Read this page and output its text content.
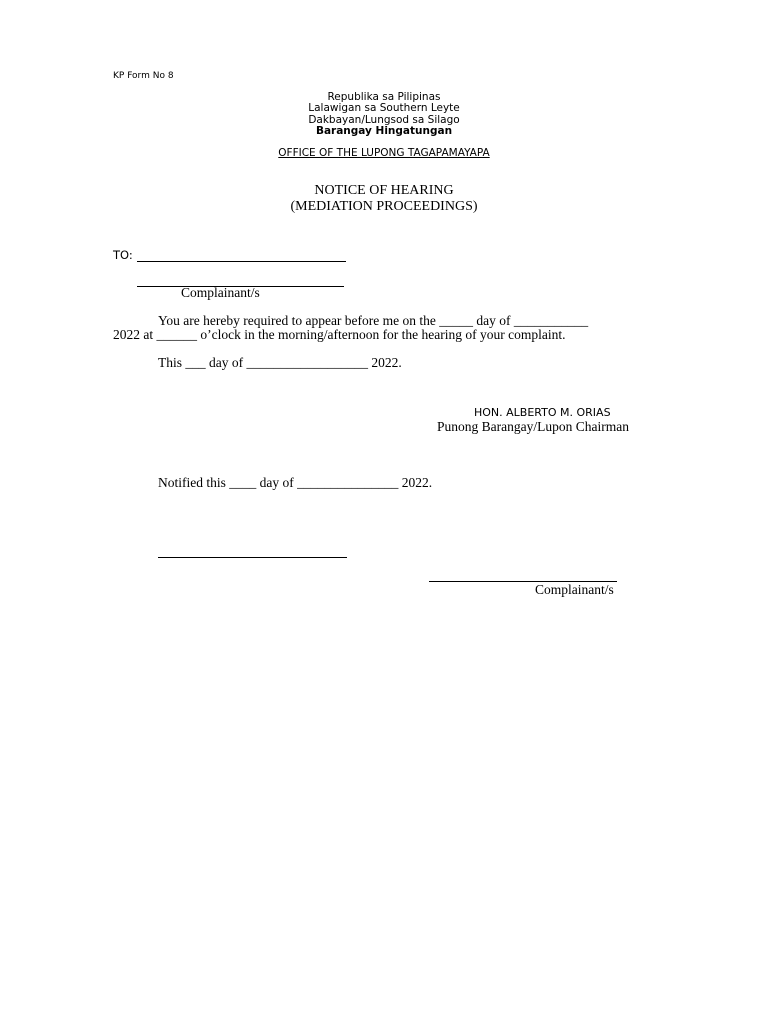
KP Form No 8
Republika sa Pilipinas
Lalawigan sa Southern Leyte
Dakbayan/Lungsod sa Silago
Barangay Hingatungan
OFFICE OF THE LUPONG TAGAPAMAYAPA
NOTICE OF HEARING
(MEDIATION PROCEEDINGS)
TO:
Complainant/s
You are hereby required to appear before me on the _____ day of ___________
2022 at ______ o’clock in the morning/afternoon for the hearing of your complaint.
This ___ day of __________________ 2022.
HON. ALBERTO M. ORIAS
Punong Barangay/Lupon Chairman
Notified this ____ day of _______________ 2022.
Complainant/s
